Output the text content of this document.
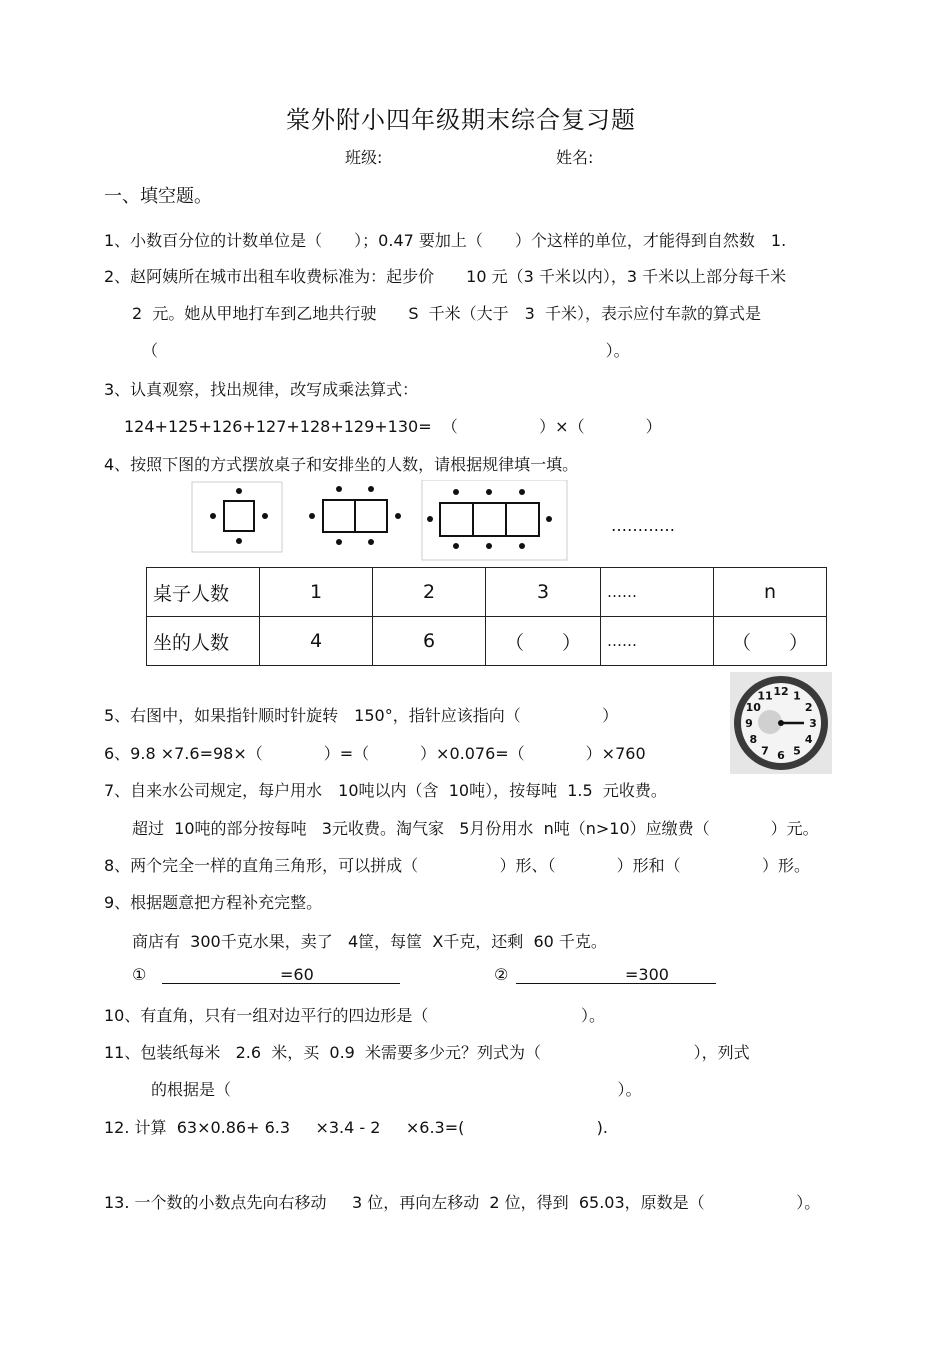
棠外附小四年级期末综合复习题
班级:	姓名:
一、填空题。
1、小数百分位的计数单位是（　　）；0.47 要加上（　　）个这样的单位，才能得到自然数　1.
2、赵阿姨所在城市出租车收费标准为：起步价　　10 元（3 千米以内），3 千米以上部分每千米
2  元。她从甲地打车到乙地共行驶　　S  千米（大于　3  千米），表示应付车款的算式是
（                                                                                        ）。
3、认真观察，找出规律，改写成乘法算式：
124+125+126+127+128+129+130=  （                ）×（            ）
4、按照下图的方式摆放桌子和安排坐的人数，请根据规律填一填。
…………
桌子人数	1	2	3	……	n
坐的人数	4	6	（　　）	……	（　　）
5、右图中，如果指针顺时针旋转　150°，指针应该指向（                ）
12 1
2
3
4
5
6
7
8
9
10
11
6、9.8 ×7.6=98×（            ）=（          ）×0.076=（            ）×760
7、自来水公司规定，每户用水　10吨以内（含  10吨），按每吨  1.5  元收费。
超过  10吨的部分按每吨   3元收费。淘气家   5月份用水  n吨（n>10）应缴费（            ）元。
8、两个完全一样的直角三角形，可以拼成（                ）形、（            ）形和（                ）形。
9、根据题意把方程补充完整。
商店有  300千克水果，卖了   4筐，每筐  X千克，还剩  60 千克。
①	=60	②	=300
10、有直角，只有一组对边平行的四边形是（                              ）。
11、包装纸每米   2.6  米，买  0.9  米需要多少元？列式为（                              ），列式
的根据是（                                                                            ）。
12. 计算  63×0.86+ 6.3     ×3.4 - 2     ×6.3=(                          ).
13. 一个数的小数点先向右移动     3 位，再向左移动  2 位，得到  65.03，原数是（                  ）。
